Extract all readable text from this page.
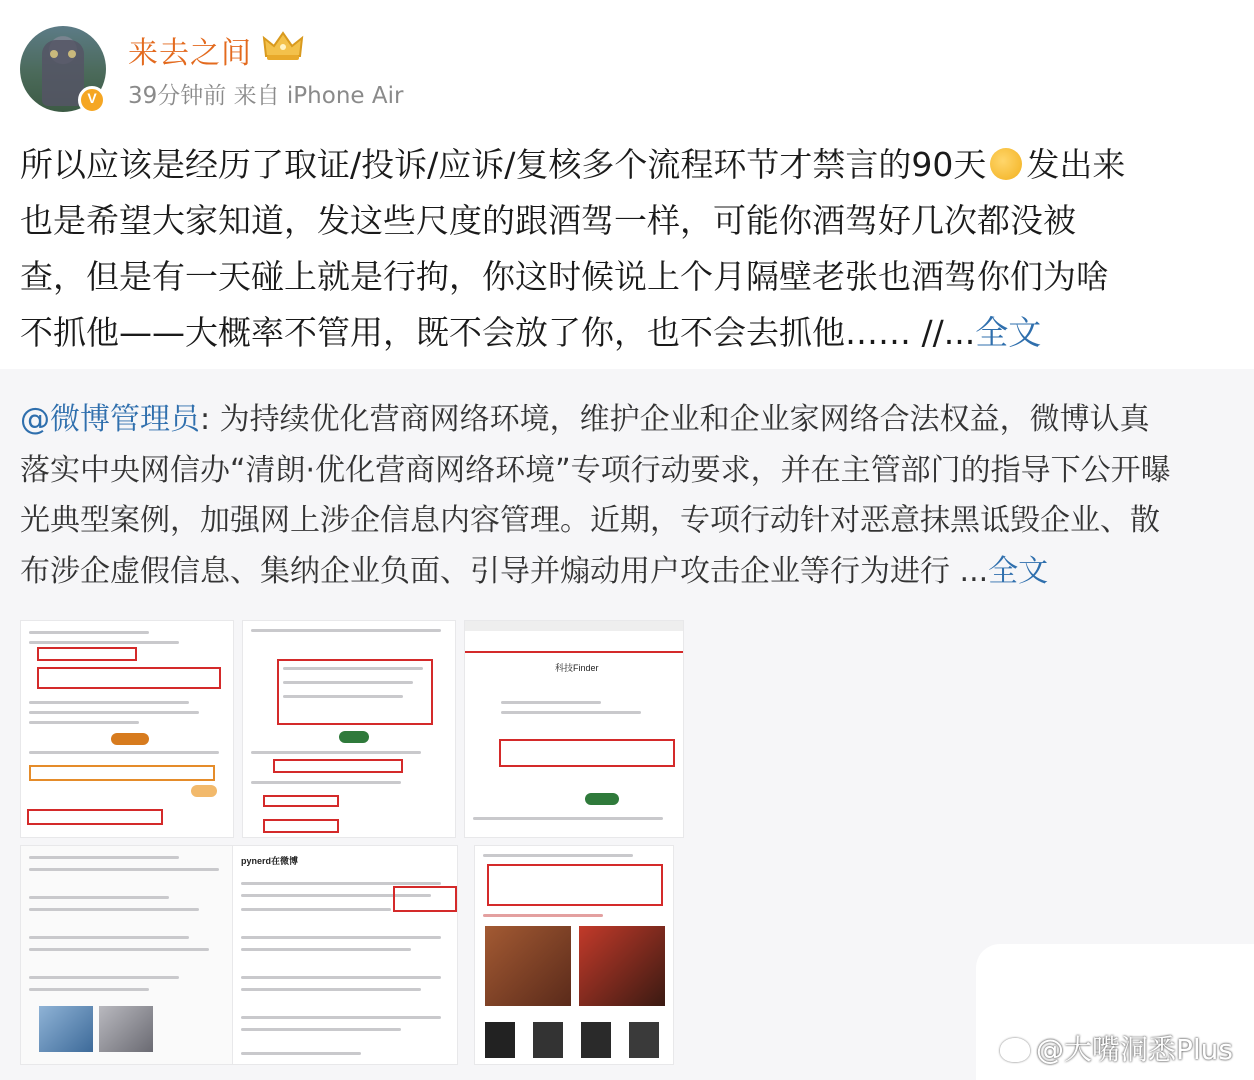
V
来去之间
39分钟前 来自 iPhone Air
所以应该是经历了取证/投诉/应诉/复核多个流程环节才禁言的90天 发出来
也是希望大家知道，发这些尺度的跟酒驾一样，可能你酒驾好几次都没被
查，但是有一天碰上就是行拘，你这时候说上个月隔壁老张也酒驾你们为啥
不抓他——大概率不管用，既不会放了你，也不会去抓他…… //...全文
@微博管理员: 为持续优化营商网络环境，维护企业和企业家网络合法权益，微博认真
落实中央网信办“清朗·优化营商网络环境”专项行动要求，并在主管部门的指导下公开曝
光典型案例，加强网上涉企信息内容管理。近期，专项行动针对恶意抹黑诋毁企业、散
布涉企虚假信息、集纳企业负面、引导并煽动用户攻击企业等行为进行 ...全文
科技Finder
pynerd在微博
@大嘴洞悉Plus
